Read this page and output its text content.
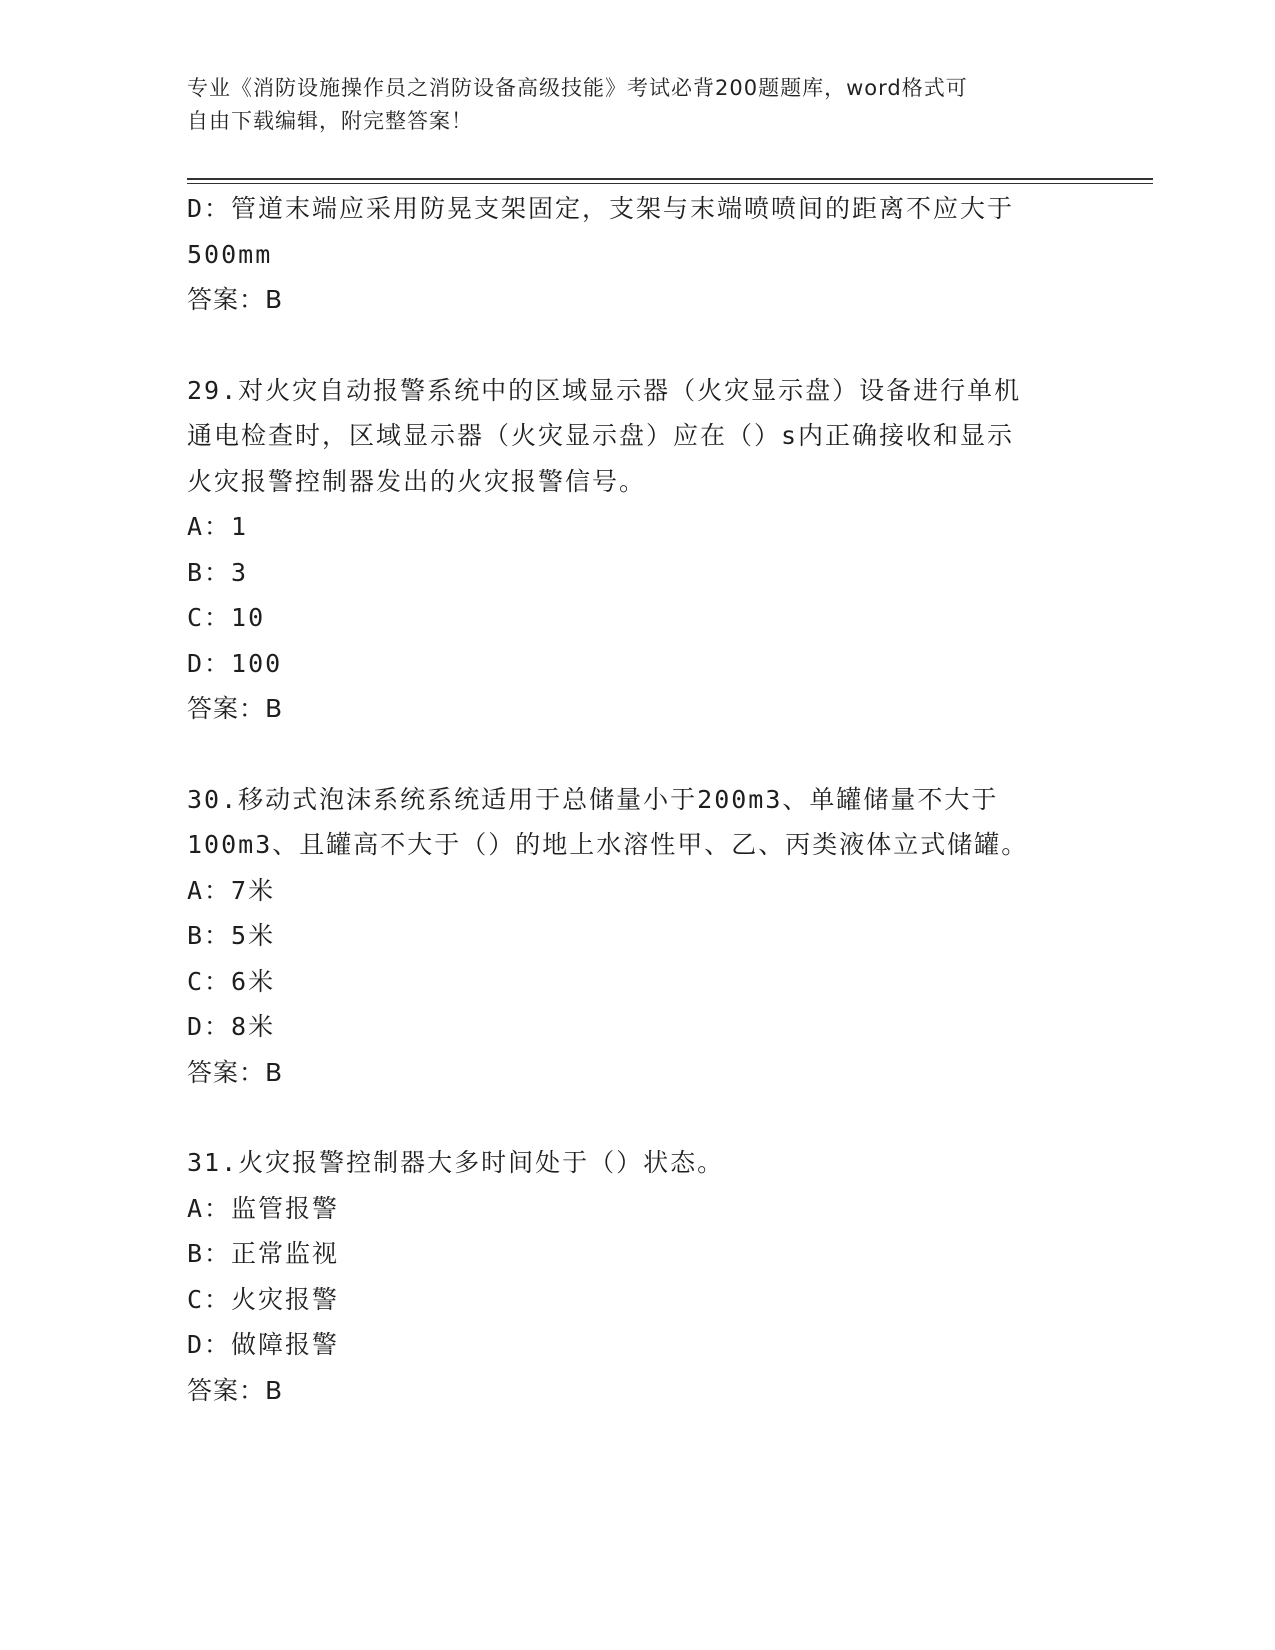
专业《消防设施操作员之消防设备高级技能》考试必背200题题库，word格式可
自由下载编辑，附完整答案！
D：管道末端应采用防晃支架固定，支架与末端喷喷间的距离不应大于
500mm
答案：B
29.对火灾自动报警系统中的区域显示器（火灾显示盘）设备进行单机
通电检查时，区域显示器（火灾显示盘）应在（）s内正确接收和显示
火灾报警控制器发出的火灾报警信号。
A：1
B：3
C：10
D：100
答案：B
30.移动式泡沫系统系统适用于总储量小于200m3、单罐储量不大于
100m3、且罐高不大于（）的地上水溶性甲、乙、丙类液体立式储罐。
A：7米
B：5米
C：6米
D：8米
答案：B
31.火灾报警控制器大多时间处于（）状态。
A：监管报警
B：正常监视
C：火灾报警
D：做障报警
答案：B
